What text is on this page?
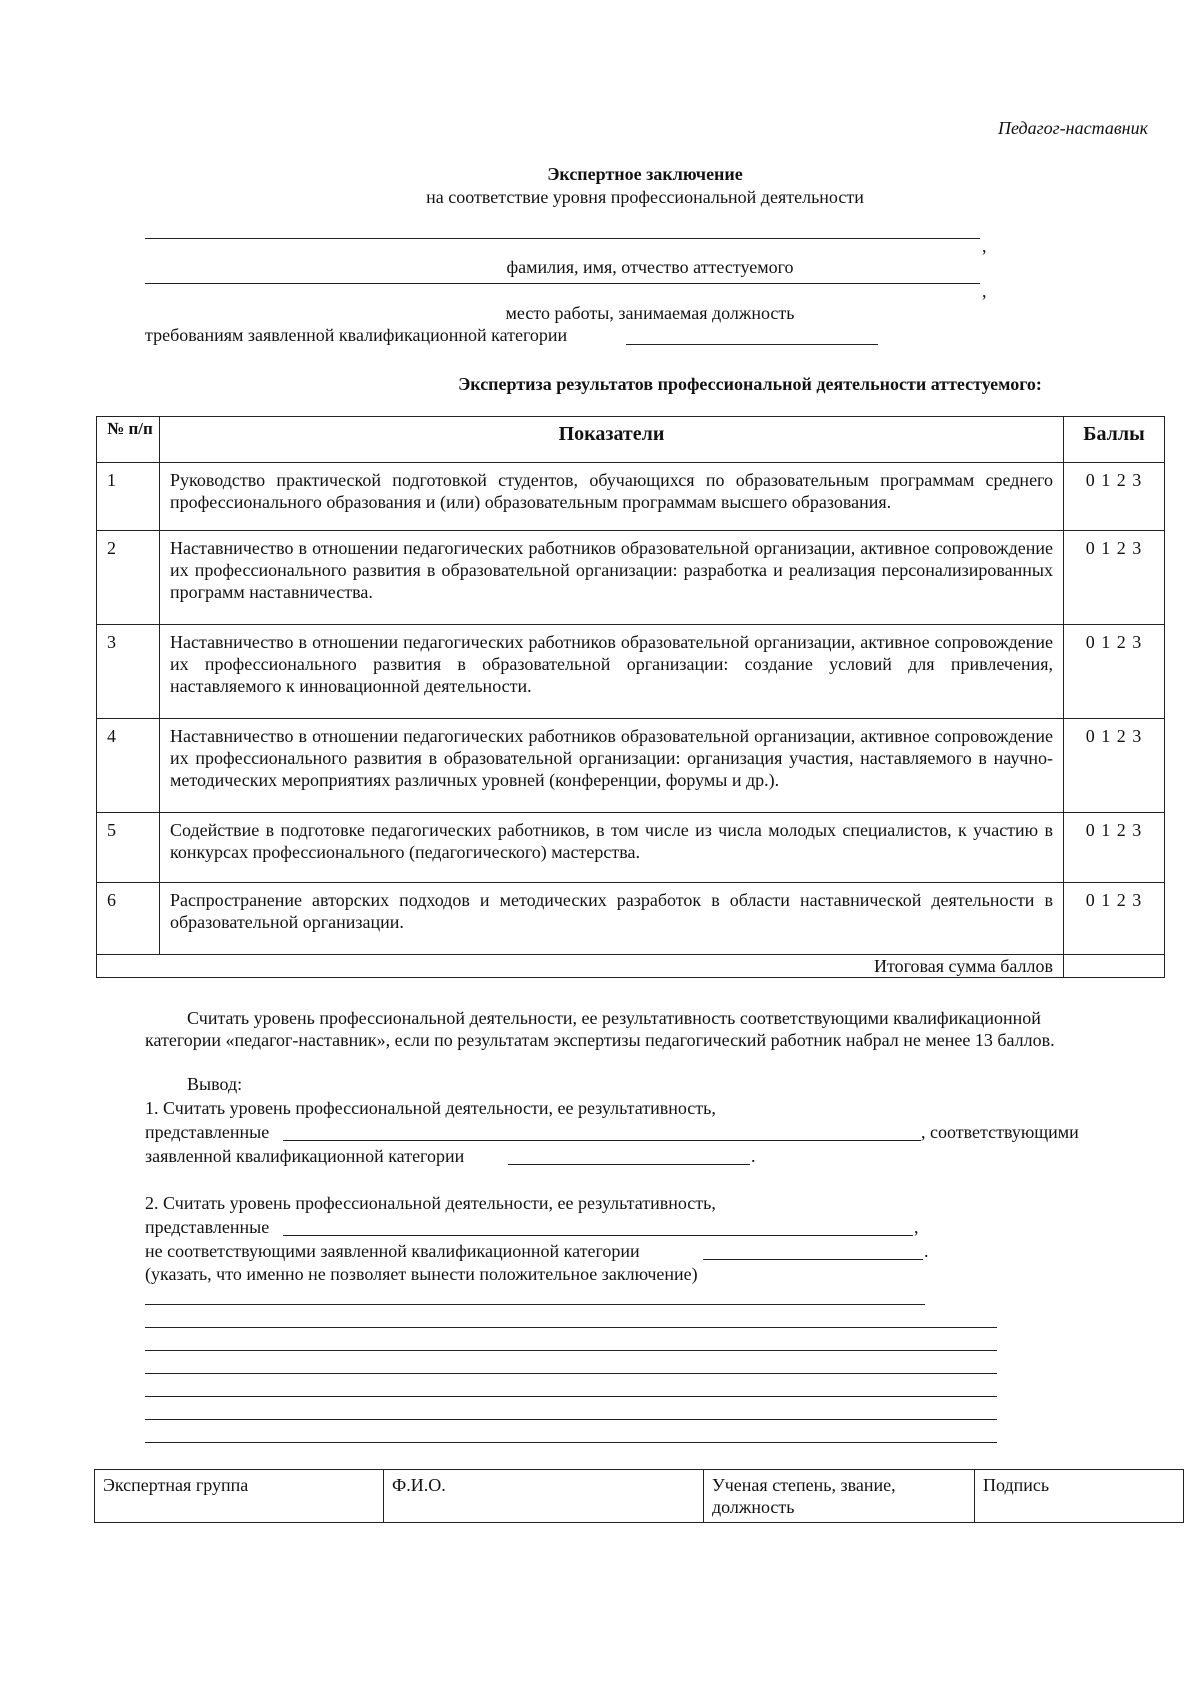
Педагог-наставник
Экспертное заключение
на соответствие уровня профессиональной деятельности
,
фамилия, имя, отчество аттестуемого
,
место работы, занимаемая должность
требованиям заявленной квалификационной категории
Экспертиза результатов профессиональной деятельности аттестуемого:
№ п/п	Показатели	Баллы
1	Руководство практической подготовкой студентов, обучающихся по образовательным программам среднего профессионального образования и (или) образовательным программам высшего образования.	0 1 2 3
2	Наставничество в отношении педагогических работников образовательной организации, активное сопровождение их профессионального развития в образовательной организации: разработка и реализация персонализированных программ наставничества.	0 1 2 3
3	Наставничество в отношении педагогических работников образовательной организации, активное сопровождение их профессионального развития в образовательной организации: создание условий для привлечения, наставляемого к инновационной деятельности.	0 1 2 3
4	Наставничество в отношении педагогических работников образовательной организации, активное сопровождение их профессионального развития в образовательной организации: организация участия, наставляемого в научно-методических мероприятиях различных уровней (конференции, форумы и др.).	0 1 2 3
5	Содействие в подготовке педагогических работников, в том числе из числа молодых специалистов, к участию в конкурсах профессионального (педагогического) мастерства.	0 1 2 3
6	Распространение авторских подходов и методических разработок в области наставнической деятельности в образовательной организации.	0 1 2 3
Итоговая сумма баллов		
Считать уровень профессиональной деятельности, ее результативность соответствующими квалификационной категории «педагог-наставник», если по результатам экспертизы педагогический работник набрал не менее 13 баллов.
Вывод:
1. Считать уровень профессиональной деятельности, ее результативность,
представленные	, соответствующими
заявленной квалификационной категории	.
2. Считать уровень профессиональной деятельности, ее результативность,
представленные	,
не соответствующими заявленной квалификационной категории	.
(указать, что именно не позволяет вынести положительное заключение)
Экспертная группа	Ф.И.О.	Ученая степень, звание, должность	Подпись
